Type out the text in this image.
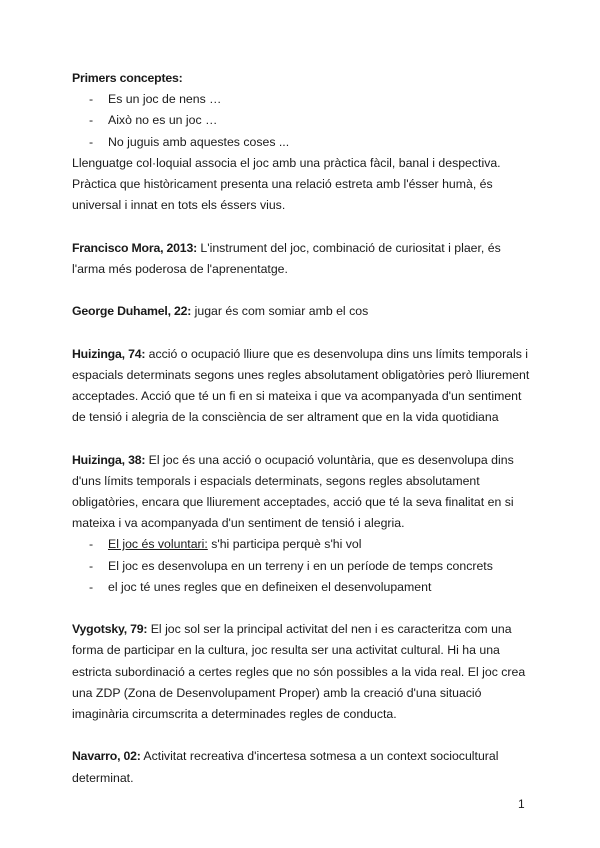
Primers conceptes:

- Es un joc de nens …
- Això no es un joc …
- No juguis amb aquestes coses ...

Llenguatge col·loquial associa el joc amb una pràctica fàcil, banal i despectiva. Pràctica que històricament presenta una relació estreta amb l'ésser humà, és universal i innat en tots els éssers vius.

Francisco Mora, 2013: L'instrument del joc, combinació de curiositat i plaer, és l'arma més poderosa de l'aprenentatge.

George Duhamel, 22: jugar és com somiar amb el cos

Huizinga, 74: acció o ocupació lliure que es desenvolupa dins uns límits temporals i espacials determinats segons unes regles absolutament obligatòries però lliurement acceptades. Acció que té un fi en si mateixa i que va acompanyada d'un sentiment de tensió i alegria de la consciència de ser altrament que en la vida quotidiana

Huizinga, 38: El joc és una acció o ocupació voluntària, que es desenvolupa dins d'uns límits temporals i espacials determinats, segons regles absolutament obligatòries, encara que lliurement acceptades, acció que té la seva finalitat en si mateixa i va acompanyada d'un sentiment de tensió i alegria.

- El joc és voluntari: s'hi participa perquè s'hi vol
- El joc es desenvolupa en un terreny i en un període de temps concrets
- el joc té unes regles que en defineixen el desenvolupament

Vygotsky, 79: El joc sol ser la principal activitat del nen i es caracteritza com una forma de participar en la cultura, joc resulta ser una activitat cultural. Hi ha una estricta subordinació a certes regles que no són possibles a la vida real. El joc crea una ZDP (Zona de Desenvolupament Proper) amb la creació d'una situació imaginària circumscrita a determinades regles de conducta.

Navarro, 02: Activitat recreativa d'incertesa sotmesa a un context sociocultural determinat.

1
